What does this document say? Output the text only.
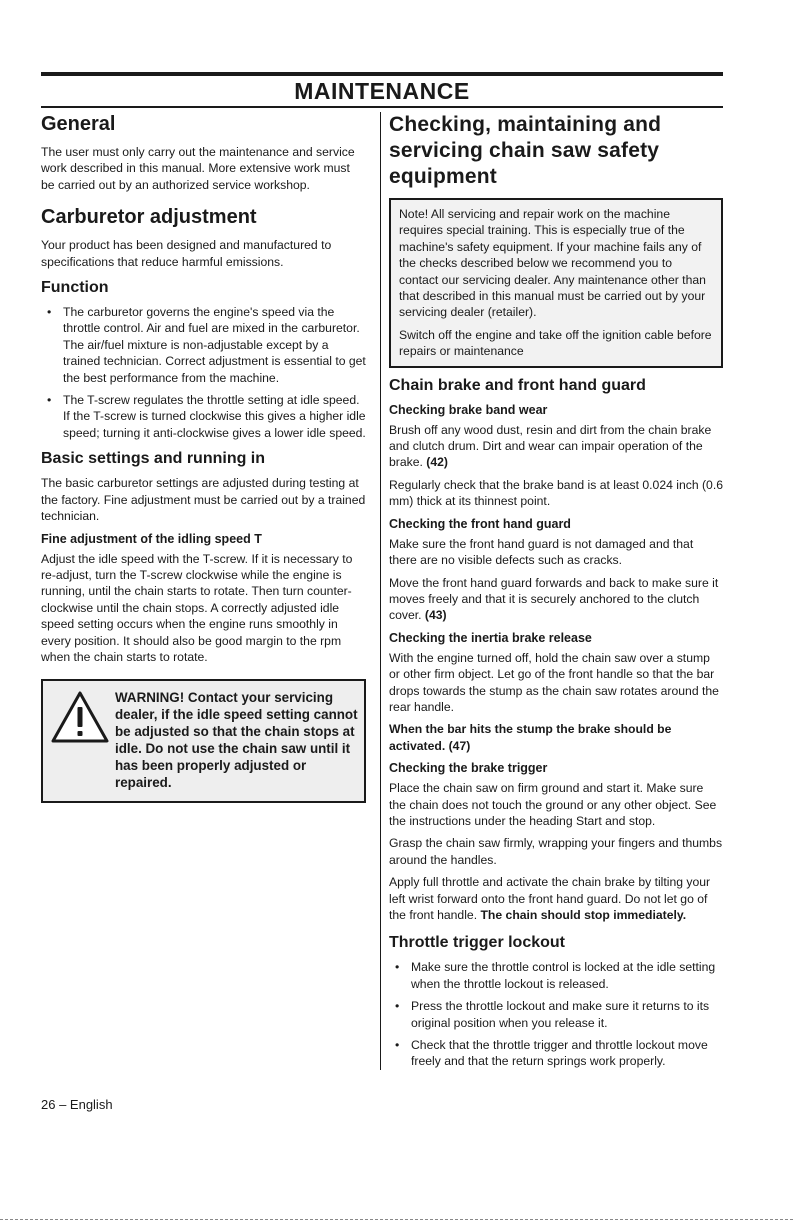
MAINTENANCE
General

The user must only carry out the maintenance and service work described in this manual. More extensive work must be carried out by an authorized service workshop.

Carburetor adjustment

Your product has been designed and manufactured to specifications that reduce harmful emissions.

Function
• The carburetor governs the engine's speed via the throttle control. Air and fuel are mixed in the carburetor. The air/fuel mixture is non-adjustable except by a trained technician. Correct adjustment is essential to get the best performance from the machine.
• The T-screw regulates the throttle setting at idle speed. If the T-screw is turned clockwise this gives a higher idle speed; turning it anti-clockwise gives a lower idle speed.
Basic settings and running in

The basic carburetor settings are adjusted during testing at the factory. Fine adjustment must be carried out by a trained technician.

Fine adjustment of the idling speed T

Adjust the idle speed with the T-screw. If it is necessary to re-adjust, turn the T-screw clockwise while the engine is running, until the chain starts to rotate. Then turn counter-clockwise until the chain stops. A correctly adjusted idle speed setting occurs when the engine runs smoothly in every position. It should also be good margin to the rpm when the chain starts to rotate.

WARNING! Contact your servicing dealer, if the idle speed setting cannot be adjusted so that the chain stops at idle. Do not use the chain saw until it has been properly adjusted or repaired.
Checking, maintaining and servicing chain saw safety equipment

Note! All servicing and repair work on the machine requires special training. This is especially true of the machine's safety equipment. If your machine fails any of the checks described below we recommend you to contact our servicing dealer. Any maintenance other than that described in this manual must be carried out by your servicing dealer (retailer).

Switch off the engine and take off the ignition cable before repairs or maintenance

Chain brake and front hand guard
Checking brake band wear

Brush off any wood dust, resin and dirt from the chain brake and clutch drum. Dirt and wear can impair operation of the brake. (42)

Regularly check that the brake band is at least 0.024 inch (0.6 mm) thick at its thinnest point.

Checking the front hand guard

Make sure the front hand guard is not damaged and that there are no visible defects such as cracks.

Move the front hand guard forwards and back to make sure it moves freely and that it is securely anchored to the clutch cover. (43)

Checking the inertia brake release

With the engine turned off, hold the chain saw over a stump or other firm object. Let go of the front handle so that the bar drops towards the stump as the chain saw rotates around the rear handle.

When the bar hits the stump the brake should be activated. (47)

Checking the brake trigger

Place the chain saw on firm ground and start it. Make sure the chain does not touch the ground or any other object. See the instructions under the heading Start and stop.

Grasp the chain saw firmly, wrapping your fingers and thumbs around the handles.

Apply full throttle and activate the chain brake by tilting your left wrist forward onto the front hand guard. Do not let go of the front handle. The chain should stop immediately.

Throttle trigger lockout
• Make sure the throttle control is locked at the idle setting when the throttle lockout is released.
• Press the throttle lockout and make sure it returns to its original position when you release it.
• Check that the throttle trigger and throttle lockout move freely and that the return springs work properly.
26 – English
